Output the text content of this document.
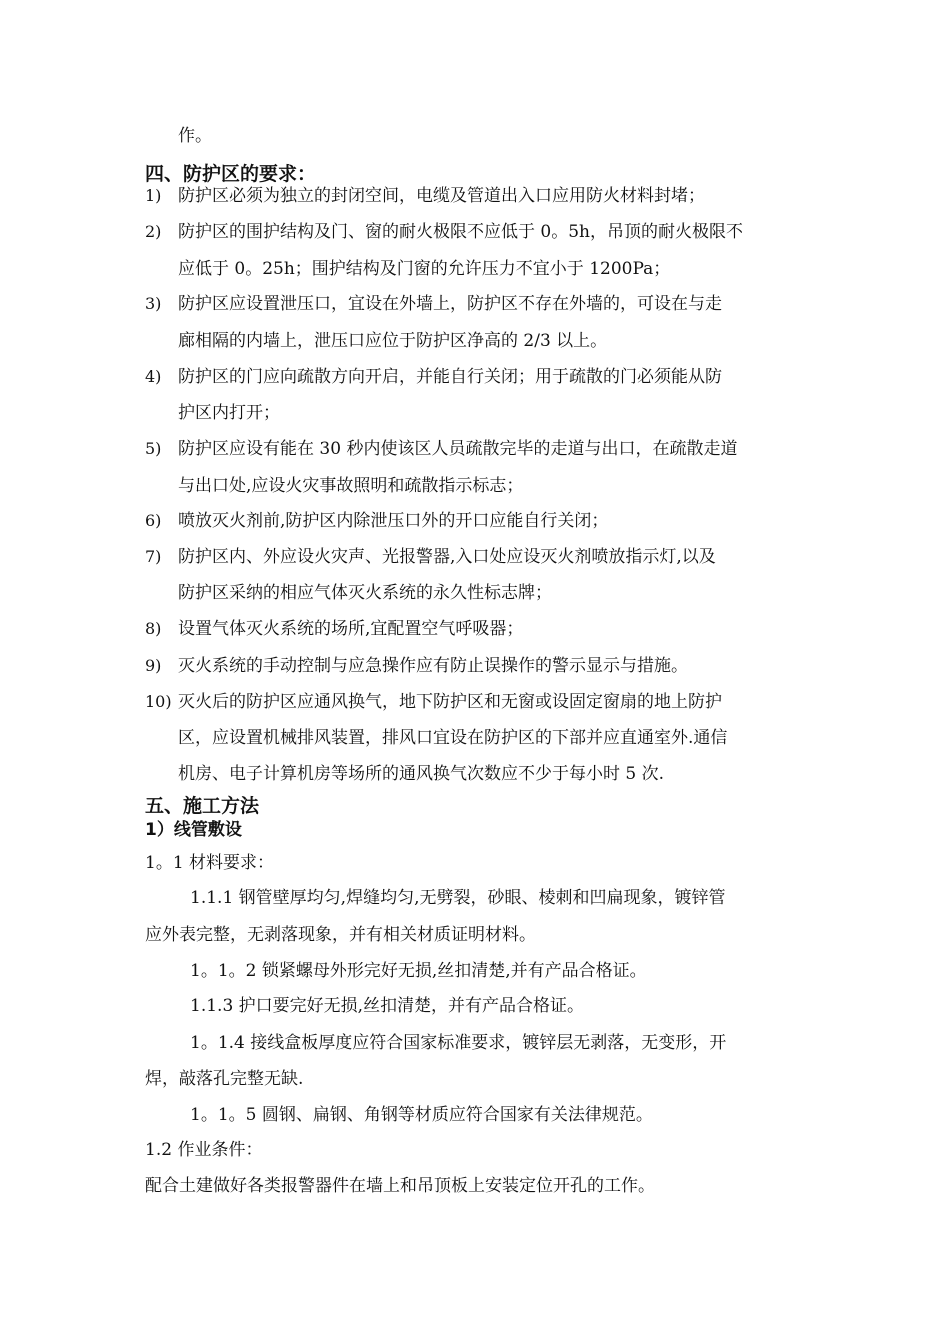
作。
四、防护区的要求：
1) 防护区必须为独立的封闭空间，电缆及管道出入口应用防火材料封堵；
2) 防护区的围护结构及门、窗的耐火极限不应低于 0。5h，吊顶的耐火极限不
应低于 0。25h；围护结构及门窗的允许压力不宜小于 1200Pa；
3) 防护区应设置泄压口，宜设在外墙上，防护区不存在外墙的，可设在与走
廊相隔的内墙上，泄压口应位于防护区净高的 2/3 以上。
4) 防护区的门应向疏散方向开启，并能自行关闭；用于疏散的门必须能从防
护区内打开；
5) 防护区应设有能在 30 秒内使该区人员疏散完毕的走道与出口，在疏散走道
与出口处,应设火灾事故照明和疏散指示标志；
6) 喷放灭火剂前,防护区内除泄压口外的开口应能自行关闭；
7) 防护区内、外应设火灾声、光报警器,入口处应设灭火剂喷放指示灯,以及
防护区采纳的相应气体灭火系统的永久性标志牌；
8) 设置气体灭火系统的场所,宜配置空气呼吸器；
9) 灭火系统的手动控制与应急操作应有防止误操作的警示显示与措施。
10) 灭火后的防护区应通风换气，地下防护区和无窗或设固定窗扇的地上防护
区，应设置机械排风装置，排风口宜设在防护区的下部并应直通室外.通信
机房、电子计算机房等场所的通风换气次数应不少于每小时 5 次.
五、施工方法
1）线管敷设
1。1 材料要求：
1.1.1 钢管壁厚均匀,焊缝均匀,无劈裂，砂眼、棱刺和凹扁现象，镀锌管
应外表完整，无剥落现象，并有相关材质证明材料。
1。1。2 锁紧螺母外形完好无损,丝扣清楚,并有产品合格证。
1.1.3 护口要完好无损,丝扣清楚，并有产品合格证。
1。1.4 接线盒板厚度应符合国家标准要求，镀锌层无剥落，无变形，开
焊，敲落孔完整无缺.
1。1。5 圆钢、扁钢、角钢等材质应符合国家有关法律规范。
1.2 作业条件：
配合土建做好各类报警器件在墙上和吊顶板上安装定位开孔的工作。
